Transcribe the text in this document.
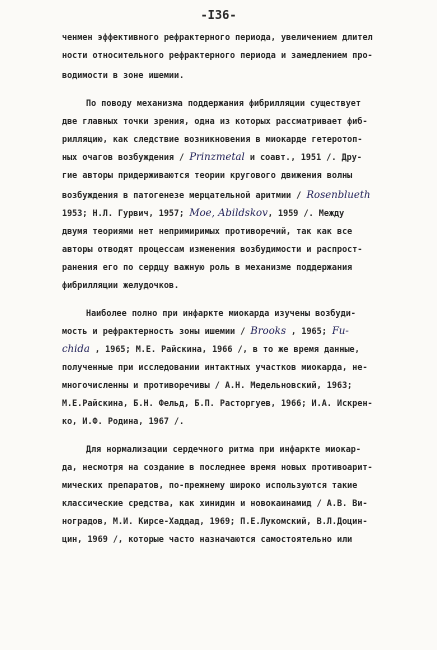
-I36-
ченмен эффективного рефрактерного периода, увеличением длител
ности относительного рефрактерного периода и замедлением про-
водимости в зоне ишемии.
По поводу механизма поддержания фибрилляции существует
две главных точки зрения, одна из которых рассматривает фиб-
рилляцию, как следствие возникновения в миокарде гетеротоп-
ных очагов возбуждения / Prinzmetal и соавт., 1951 /. Дру-
гие авторы придерживаются теории кругового движения волны
возбуждения в патогенезе мерцательной аритмии / Rosenblueth
1953; Н.Л. Гурвич, 1957; Moe, Abildskov, 1959 /. Между
двумя теориями нет непримиримых противоречий, так как все
авторы отводят процессам изменения возбудимости и распрост-
ранения его по сердцу важную роль в механизме поддержания
фибрилляции желудочков.
Наиболее полно при инфаркте миокарда изучены возбуди-
мость и рефрактерность зоны ишемии / Brooks , 1965; Fu-
chida , 1965; М.Е. Райскина, 1966 /, в то же время данные,
полученные при исследовании интактных участков миокарда, не-
многочисленны и противоречивы / А.Н. Медельновский, 1963;
М.Е.Райскина, Б.Н. Фельд, Б.П. Расторгуев, 1966; И.А. Искрен-
ко, И.Ф. Родина, 1967 /.
Для нормализации сердечного ритма при инфаркте миокар-
да, несмотря на создание в последнее время новых противоарит-
мических препаратов, по-прежнему широко используются такие
классические средства, как хинидин и новокаинамид / А.В. Ви-
ноградов, М.И. Кирсе-Хаддад, 1969; П.Е.Лукомский, В.Л.Доцин-
цин, 1969 /, которые часто назначаются самостоятельно или
